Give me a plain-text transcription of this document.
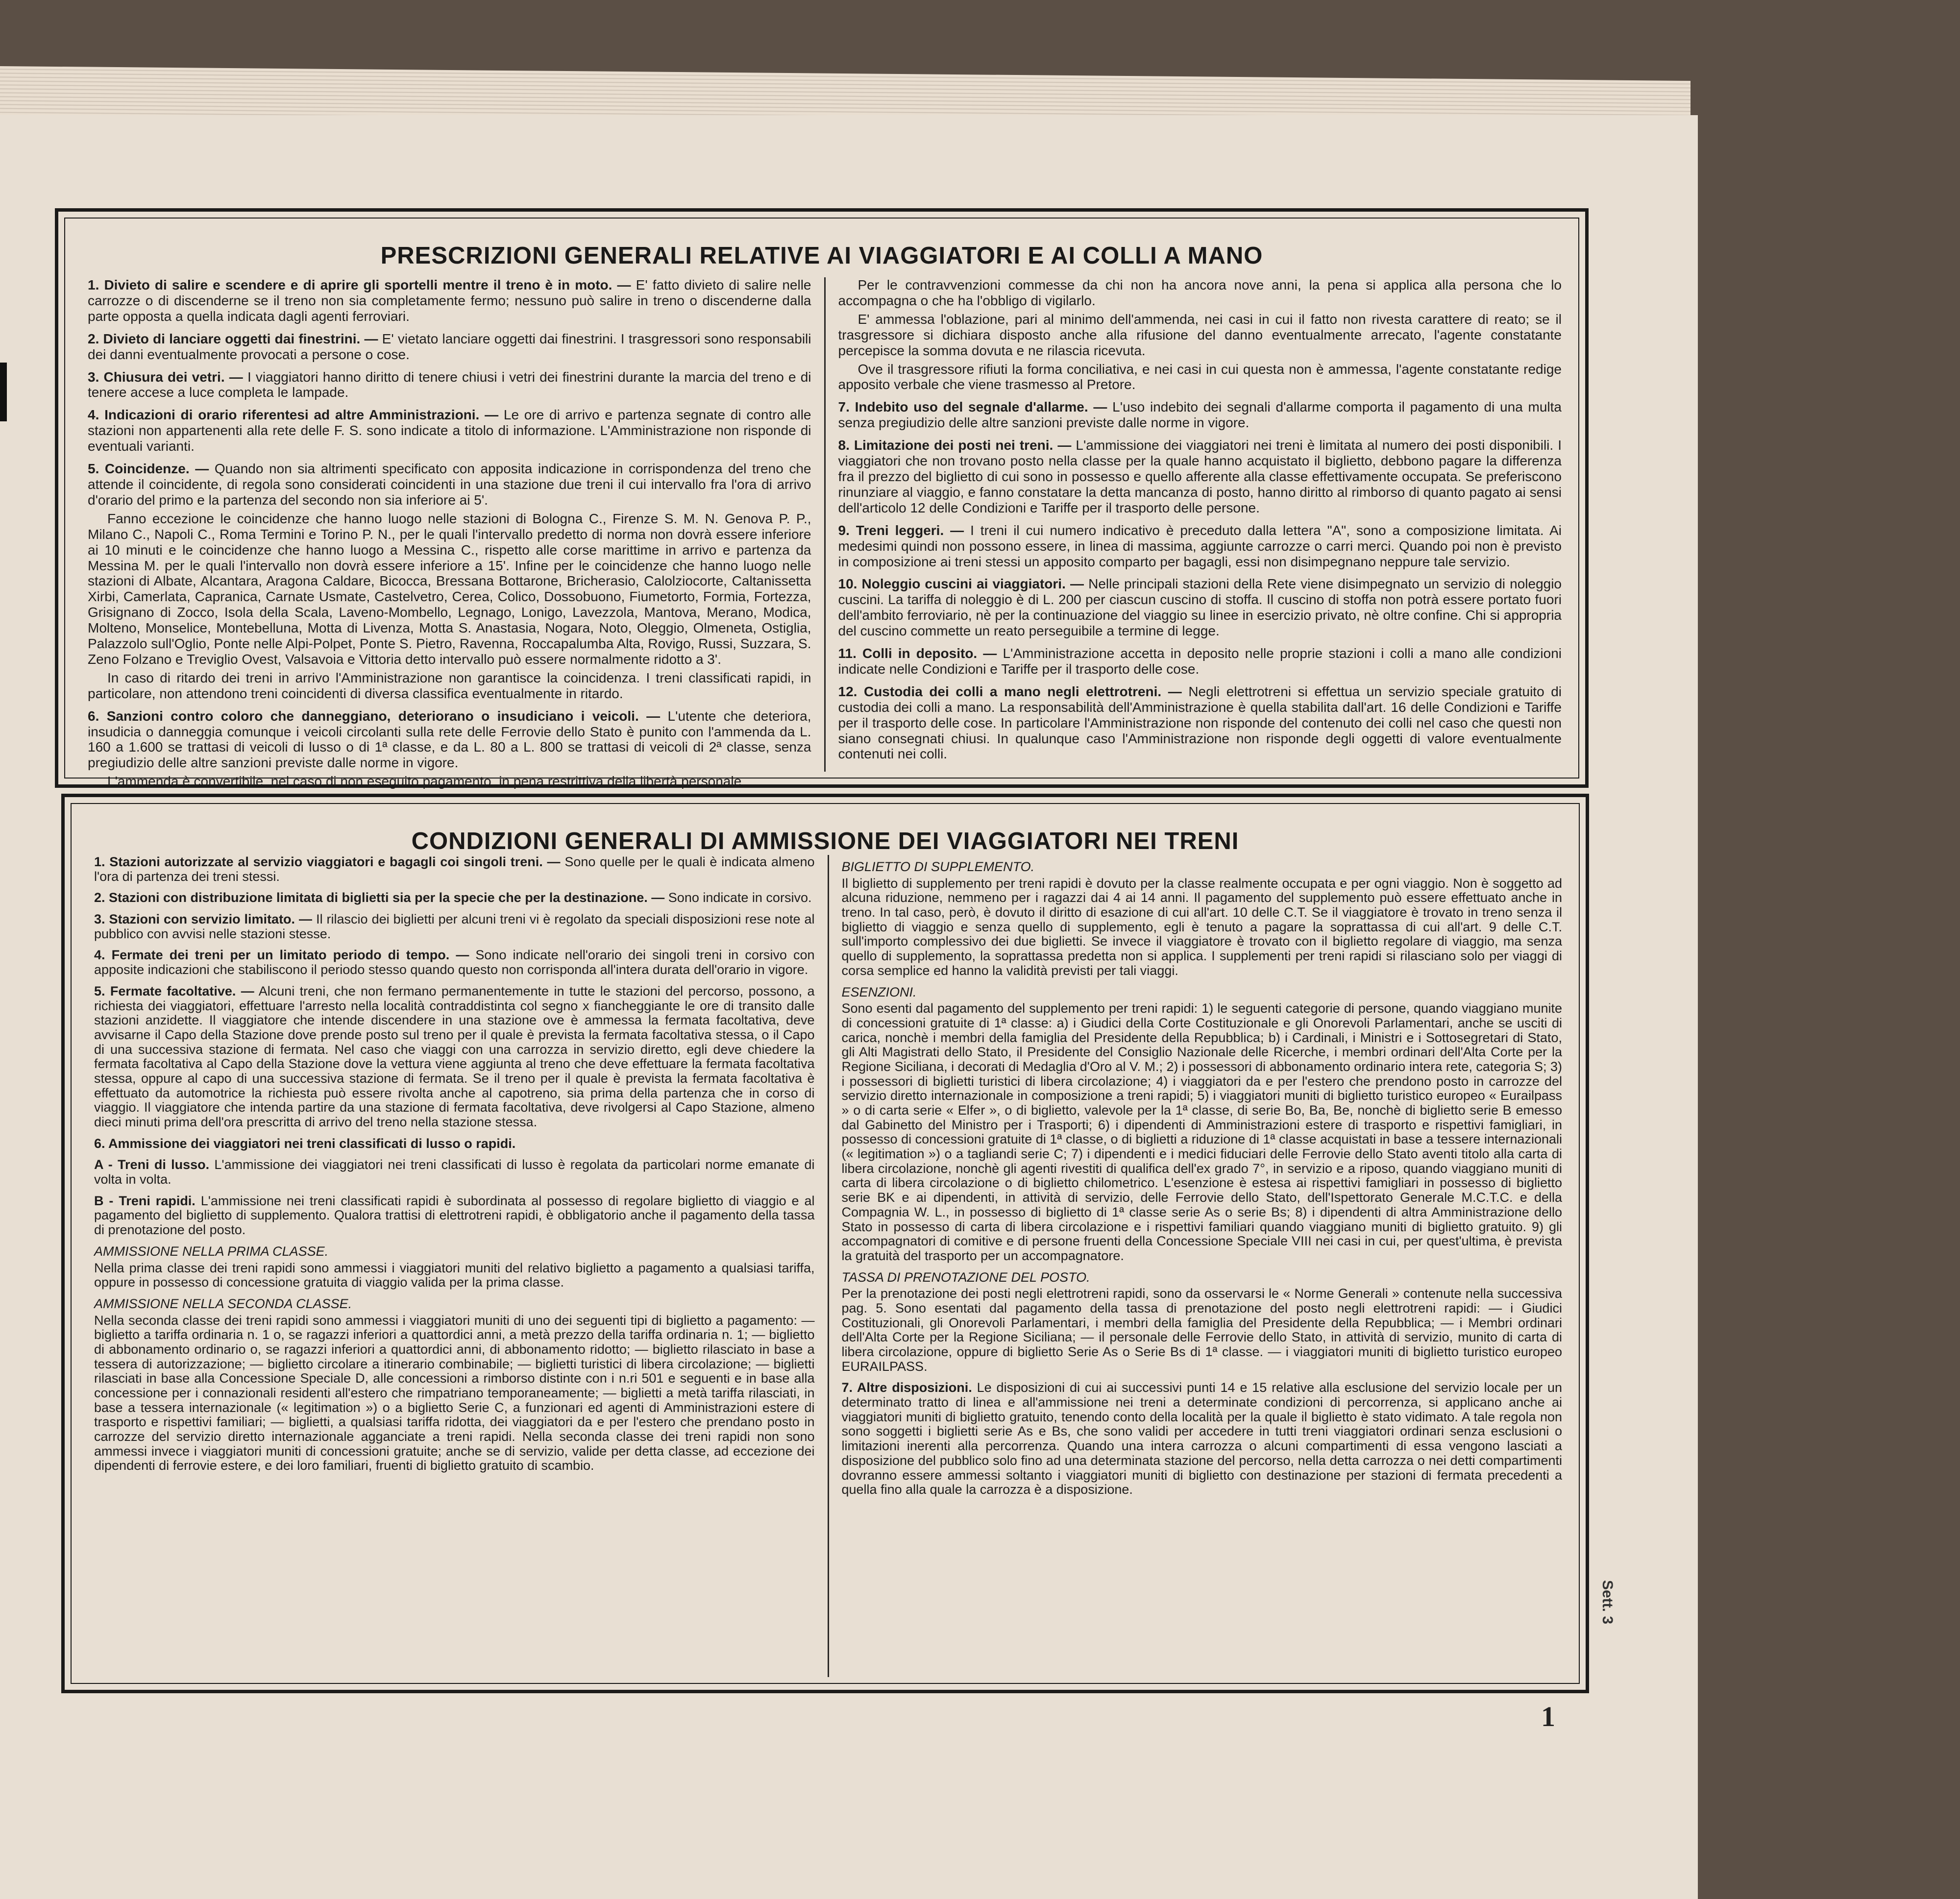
PRESCRIZIONI GENERALI RELATIVE AI VIAGGIATORI E AI COLLI A MANO

1. Divieto di salire e scendere e di aprire gli sportelli mentre il treno è in moto. — E' fatto divieto di salire nelle carrozze o di discenderne se il treno non sia completamente fermo; nessuno può salire in treno o discenderne dalla parte opposta a quella indicata dagli agenti ferroviari.

2. Divieto di lanciare oggetti dai finestrini. — E' vietato lanciare oggetti dai finestrini. I trasgressori sono responsabili dei danni eventualmente provocati a persone o cose.

3. Chiusura dei vetri. — I viaggiatori hanno diritto di tenere chiusi i vetri dei finestrini durante la marcia del treno e di tenere accese a luce completa le lampade.

4. Indicazioni di orario riferentesi ad altre Amministrazioni. — Le ore di arrivo e partenza segnate di contro alle stazioni non appartenenti alla rete delle F. S. sono indicate a titolo di informazione. L'Amministrazione non risponde di eventuali varianti.

5. Coincidenze. — Quando non sia altrimenti specificato con apposita indicazione in corrispondenza del treno che attende il coincidente, di regola sono considerati coincidenti in una stazione due treni il cui intervallo fra l'ora di arrivo d'orario del primo e la partenza del secondo non sia inferiore ai 5'.

Fanno eccezione le coincidenze che hanno luogo nelle stazioni di Bologna C., Firenze S. M. N. Genova P. P., Milano C., Napoli C., Roma Termini e Torino P. N., per le quali l'intervallo predetto di norma non dovrà essere inferiore ai 10 minuti e le coincidenze che hanno luogo a Messina C., rispetto alle corse marittime in arrivo e partenza da Messina M. per le quali l'intervallo non dovrà essere inferiore a 15'. Infine per le coincidenze che hanno luogo nelle stazioni di Albate, Alcantara, Aragona Caldare, Bicocca, Bressana Bottarone, Bricherasio, Calolziocorte, Caltanissetta Xirbi, Camerlata, Capranica, Carnate Usmate, Castelvetro, Cerea, Colico, Dossobuono, Fiumetorto, Formia, Fortezza, Grisignano di Zocco, Isola della Scala, Laveno-Mombello, Legnago, Lonigo, Lavezzola, Mantova, Merano, Modica, Molteno, Monselice, Montebelluna, Motta di Livenza, Motta S. Anastasia, Nogara, Noto, Oleggio, Olmeneta, Ostiglia, Palazzolo sull'Oglio, Ponte nelle Alpi-Polpet, Ponte S. Pietro, Ravenna, Roccapalumba Alta, Rovigo, Russi, Suzzara, S. Zeno Folzano e Treviglio Ovest, Valsavoia e Vittoria detto intervallo può essere normalmente ridotto a 3'.

In caso di ritardo dei treni in arrivo l'Amministrazione non garantisce la coincidenza. I treni classificati rapidi, in particolare, non attendono treni coincidenti di diversa classifica eventualmente in ritardo.

6. Sanzioni contro coloro che danneggiano, deteriorano o insudiciano i veicoli. — L'utente che deteriora, insudicia o danneggia comunque i veicoli circolanti sulla rete delle Ferrovie dello Stato è punito con l'ammenda da L. 160 a 1.600 se trattasi di veicoli di lusso o di 1ª classe, e da L. 80 a L. 800 se trattasi di veicoli di 2ª classe, senza pregiudizio delle altre sanzioni previste dalle norme in vigore.

L'ammenda è convertibile, nel caso di non eseguito pagamento, in pena restrittiva della libertà personale.

Per le contravvenzioni commesse da chi non ha ancora nove anni, la pena si applica alla persona che lo accompagna o che ha l'obbligo di vigilarlo.

E' ammessa l'oblazione, pari al minimo dell'ammenda, nei casi in cui il fatto non rivesta carattere di reato; se il trasgressore si dichiara disposto anche alla rifusione del danno eventualmente arrecato, l'agente constatante percepisce la somma dovuta e ne rilascia ricevuta.

Ove il trasgressore rifiuti la forma conciliativa, e nei casi in cui questa non è ammessa, l'agente constatante redige apposito verbale che viene trasmesso al Pretore.

7. Indebito uso del segnale d'allarme. — L'uso indebito dei segnali d'allarme comporta il pagamento di una multa senza pregiudizio delle altre sanzioni previste dalle norme in vigore.

8. Limitazione dei posti nei treni. — L'ammissione dei viaggiatori nei treni è limitata al numero dei posti disponibili. I viaggiatori che non trovano posto nella classe per la quale hanno acquistato il biglietto, debbono pagare la differenza fra il prezzo del biglietto di cui sono in possesso e quello afferente alla classe effettivamente occupata. Se preferiscono rinunziare al viaggio, e fanno constatare la detta mancanza di posto, hanno diritto al rimborso di quanto pagato ai sensi dell'articolo 12 delle Condizioni e Tariffe per il trasporto delle persone.

9. Treni leggeri. — I treni il cui numero indicativo è preceduto dalla lettera "A", sono a composizione limitata. Ai medesimi quindi non possono essere, in linea di massima, aggiunte carrozze o carri merci. Quando poi non è previsto in composizione ai treni stessi un apposito comparto per bagagli, essi non disimpegnano neppure tale servizio.

10. Noleggio cuscini ai viaggiatori. — Nelle principali stazioni della Rete viene disimpegnato un servizio di noleggio cuscini. La tariffa di noleggio è di L. 200 per ciascun cuscino di stoffa. Il cuscino di stoffa non potrà essere portato fuori dell'ambito ferroviario, nè per la continuazione del viaggio su linee in esercizio privato, nè oltre confine. Chi si appropria del cuscino commette un reato perseguibile a termine di legge.

11. Colli in deposito. — L'Amministrazione accetta in deposito nelle proprie stazioni i colli a mano alle condizioni indicate nelle Condizioni e Tariffe per il trasporto delle cose.

12. Custodia dei colli a mano negli elettrotreni. — Negli elettrotreni si effettua un servizio speciale gratuito di custodia dei colli a mano. La responsabilità dell'Amministrazione è quella stabilita dall'art. 16 delle Condizioni e Tariffe per il trasporto delle cose. In particolare l'Amministrazione non risponde del contenuto dei colli nel caso che questi non siano consegnati chiusi. In qualunque caso l'Amministrazione non risponde degli oggetti di valore eventualmente contenuti nei colli.

CONDIZIONI GENERALI DI AMMISSIONE DEI VIAGGIATORI NEI TRENI

1. Stazioni autorizzate al servizio viaggiatori e bagagli coi singoli treni. — Sono quelle per le quali è indicata almeno l'ora di partenza dei treni stessi.

2. Stazioni con distribuzione limitata di biglietti sia per la specie che per la destinazione. — Sono indicate in corsivo.

3. Stazioni con servizio limitato. — Il rilascio dei biglietti per alcuni treni vi è regolato da speciali disposizioni rese note al pubblico con avvisi nelle stazioni stesse.

4. Fermate dei treni per un limitato periodo di tempo. — Sono indicate nell'orario dei singoli treni in corsivo con apposite indicazioni che stabiliscono il periodo stesso quando questo non corrisponda all'intera durata dell'orario in vigore.

5. Fermate facoltative. — Alcuni treni, che non fermano permanentemente in tutte le stazioni del percorso, possono, a richiesta dei viaggiatori, effettuare l'arresto nella località contraddistinta col segno x fiancheggiante le ore di transito dalle stazioni anzidette. Il viaggiatore che intende discendere in una stazione ove è ammessa la fermata facoltativa, deve avvisarne il Capo della Stazione dove prende posto sul treno per il quale è prevista la fermata facoltativa stessa, o il Capo di una successiva stazione di fermata. Nel caso che viaggi con una carrozza in servizio diretto, egli deve chiedere la fermata facoltativa al Capo della Stazione dove la vettura viene aggiunta al treno che deve effettuare la fermata facoltativa stessa, oppure al capo di una successiva stazione di fermata. Se il treno per il quale è prevista la fermata facoltativa è effettuato da automotrice la richiesta può essere rivolta anche al capotreno, sia prima della partenza che in corso di viaggio. Il viaggiatore che intenda partire da una stazione di fermata facoltativa, deve rivolgersi al Capo Stazione, almeno dieci minuti prima dell'ora prescritta di arrivo del treno nella stazione stessa.

6. Ammissione dei viaggiatori nei treni classificati di lusso o rapidi.

A - Treni di lusso. L'ammissione dei viaggiatori nei treni classificati di lusso è regolata da particolari norme emanate di volta in volta.

B - Treni rapidi. L'ammissione nei treni classificati rapidi è subordinata al possesso di regolare biglietto di viaggio e al pagamento del biglietto di supplemento. Qualora trattisi di elettrotreni rapidi, è obbligatorio anche il pagamento della tassa di prenotazione del posto.

AMMISSIONE NELLA PRIMA CLASSE.
Nella prima classe dei treni rapidi sono ammessi i viaggiatori muniti del relativo biglietto a pagamento a qualsiasi tariffa, oppure in possesso di concessione gratuita di viaggio valida per la prima classe.

AMMISSIONE NELLA SECONDA CLASSE.
Nella seconda classe dei treni rapidi sono ammessi i viaggiatori muniti di uno dei seguenti tipi di biglietto a pagamento: — biglietto a tariffa ordinaria n. 1 o, se ragazzi inferiori a quattordici anni, a metà prezzo della tariffa ordinaria n. 1; — biglietto di abbonamento ordinario o, se ragazzi inferiori a quattordici anni, di abbonamento ridotto; — biglietto rilasciato in base a tessera di autorizzazione; — biglietto circolare a itinerario combinabile; — biglietti turistici di libera circolazione; — biglietti rilasciati in base alla Concessione Speciale D, alle concessioni a rimborso distinte con i n.ri 501 e seguenti e in base alla concessione per i connazionali residenti all'estero che rimpatriano temporaneamente; — biglietti a metà tariffa rilasciati, in base a tessera internazionale (« legitimation ») o a biglietto Serie C, a funzionari ed agenti di Amministrazioni estere di trasporto e rispettivi familiari; — biglietti, a qualsiasi tariffa ridotta, dei viaggiatori da e per l'estero che prendano posto in carrozze del servizio diretto internazionale agganciate a treni rapidi. Nella seconda classe dei treni rapidi non sono ammessi invece i viaggiatori muniti di concessioni gratuite; anche se di servizio, valide per detta classe, ad eccezione dei dipendenti di ferrovie estere, e dei loro familiari, fruenti di biglietto gratuito di scambio.

BIGLIETTO DI SUPPLEMENTO.
Il biglietto di supplemento per treni rapidi è dovuto per la classe realmente occupata e per ogni viaggio. Non è soggetto ad alcuna riduzione, nemmeno per i ragazzi dai 4 ai 14 anni. Il pagamento del supplemento può essere effettuato anche in treno. In tal caso, però, è dovuto il diritto di esazione di cui all'art. 10 delle C.T. Se il viaggiatore è trovato in treno senza il biglietto di viaggio e senza quello di supplemento, egli è tenuto a pagare la soprattassa di cui all'art. 9 delle C.T. sull'importo complessivo dei due biglietti. Se invece il viaggiatore è trovato con il biglietto regolare di viaggio, ma senza quello di supplemento, la soprattassa predetta non si applica. I supplementi per treni rapidi si rilasciano solo per viaggi di corsa semplice ed hanno la validità previsti per tali viaggi.

ESENZIONI.
Sono esenti dal pagamento del supplemento per treni rapidi: 1) le seguenti categorie di persone, quando viaggiano munite di concessioni gratuite di 1ª classe: a) i Giudici della Corte Costituzionale e gli Onorevoli Parlamentari, anche se usciti di carica, nonchè i membri della famiglia del Presidente della Repubblica; b) i Cardinali, i Ministri e i Sottosegretari di Stato, gli Alti Magistrati dello Stato, il Presidente del Consiglio Nazionale delle Ricerche, i membri ordinari dell'Alta Corte per la Regione Siciliana, i decorati di Medaglia d'Oro al V. M.; 2) i possessori di abbonamento ordinario intera rete, categoria S; 3) i possessori di biglietti turistici di libera circolazione; 4) i viaggiatori da e per l'estero che prendono posto in carrozze del servizio diretto internazionale in composizione a treni rapidi; 5) i viaggiatori muniti di biglietto turistico europeo « Eurailpass » o di carta serie « Elfer », o di biglietto, valevole per la 1ª classe, di serie Bo, Ba, Be, nonchè di biglietto serie B emesso dal Gabinetto del Ministro per i Trasporti; 6) i dipendenti di Amministrazioni estere di trasporto e rispettivi famigliari, in possesso di concessioni gratuite di 1ª classe, o di biglietti a riduzione di 1ª classe acquistati in base a tessere internazionali (« legitimation ») o a tagliandi serie C; 7) i dipendenti e i medici fiduciari delle Ferrovie dello Stato aventi titolo alla carta di libera circolazione, nonchè gli agenti rivestiti di qualifica dell'ex grado 7°, in servizio e a riposo, quando viaggiano muniti di carta di libera circolazione o di biglietto chilometrico. L'esenzione è estesa ai rispettivi famigliari in possesso di biglietto serie BK e ai dipendenti, in attività di servizio, delle Ferrovie dello Stato, dell'Ispettorato Generale M.C.T.C. e della Compagnia W. L., in possesso di biglietto di 1ª classe serie As o serie Bs; 8) i dipendenti di altra Amministrazione dello Stato in possesso di carta di libera circolazione e i rispettivi familiari quando viaggiano muniti di biglietto gratuito. 9) gli accompagnatori di comitive e di persone fruenti della Concessione Speciale VIII nei casi in cui, per quest'ultima, è prevista la gratuità del trasporto per un accompagnatore.

TASSA DI PRENOTAZIONE DEL POSTO.
Per la prenotazione dei posti negli elettrotreni rapidi, sono da osservarsi le « Norme Generali » contenute nella successiva pag. 5. Sono esentati dal pagamento della tassa di prenotazione del posto negli elettrotreni rapidi: — i Giudici Costituzionali, gli Onorevoli Parlamentari, i membri della famiglia del Presidente della Repubblica; — i Membri ordinari dell'Alta Corte per la Regione Siciliana; — il personale delle Ferrovie dello Stato, in attività di servizio, munito di carta di libera circolazione, oppure di biglietto Serie As o Serie Bs di 1ª classe. — i viaggiatori muniti di biglietto turistico europeo EURAILPASS.

7. Altre disposizioni. Le disposizioni di cui ai successivi punti 14 e 15 relative alla esclusione del servizio locale per un determinato tratto di linea e all'ammissione nei treni a determinate condizioni di percorrenza, si applicano anche ai viaggiatori muniti di biglietto gratuito, tenendo conto della località per la quale il biglietto è stato vidimato. A tale regola non sono soggetti i biglietti serie As e Bs, che sono validi per accedere in tutti treni viaggiatori ordinari senza esclusioni o limitazioni inerenti alla percorrenza. Quando una intera carrozza o alcuni compartimenti di essa vengono lasciati a disposizione del pubblico solo fino ad una determinata stazione del percorso, nella detta carrozza o nei detti compartimenti dovranno essere ammessi soltanto i viaggiatori muniti di biglietto con destinazione per stazioni di fermata precedenti a quella fino alla quale la carrozza è a disposizione.

Sett. 3
1
